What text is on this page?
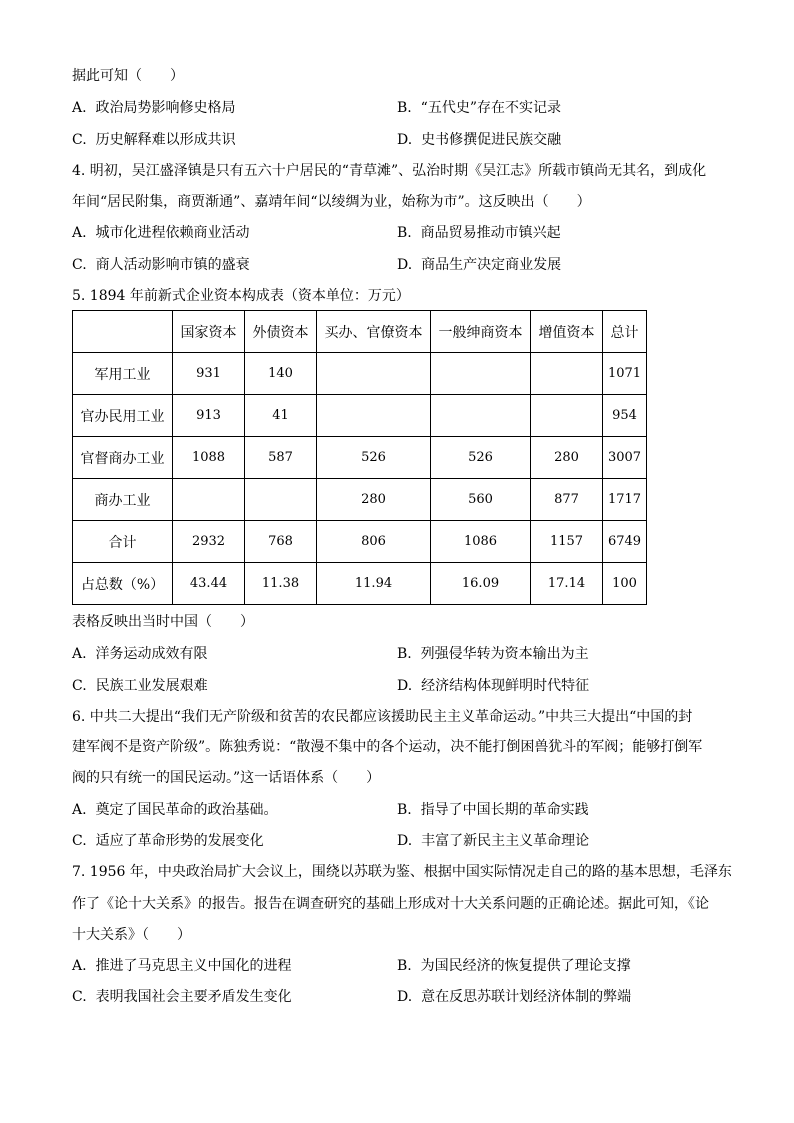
据此可知（　　）
A. 政治局势影响修史格局	B. “五代史”存在不实记录
C. 历史解释难以形成共识	D. 史书修撰促进民族交融
4. 明初，吴江盛泽镇是只有五六十户居民的“青草滩”、弘治时期《吴江志》所载市镇尚无其名，到成化
年间“居民附集，商贾渐通”、嘉靖年间“以绫绸为业，始称为市”。这反映出（　　）
A. 城市化进程依赖商业活动	B. 商品贸易推动市镇兴起
C. 商人活动影响市镇的盛衰	D. 商品生产决定商业发展
5. 1894 年前新式企业资本构成表（资本单位：万元）
	国家资本	外债资本	买办、官僚资本	一般绅商资本	增值资本	总计
军用工业	931	140				1071
官办民用工业	913	41				954
官督商办工业	1088	587	526	526	280	3007
商办工业			280	560	877	1717
合计	2932	768	806	1086	1157	6749
占总数（%）	43.44	11.38	11.94	16.09	17.14	100
表格反映出当时中国（　　）
A. 洋务运动成效有限	B. 列强侵华转为资本输出为主
C. 民族工业发展艰难	D. 经济结构体现鲜明时代特征
6. 中共二大提出“我们无产阶级和贫苦的农民都应该援助民主主义革命运动。”中共三大提出“中国的封
建军阀不是资产阶级”。陈独秀说：“散漫不集中的各个运动，决不能打倒困兽犹斗的军阀；能够打倒军
阀的只有统一的国民运动。”这一话语体系（　　）
A. 奠定了国民革命的政治基础。	B. 指导了中国长期的革命实践
C. 适应了革命形势的发展变化	D. 丰富了新民主主义革命理论
7. 1956 年，中央政治局扩大会议上，围绕以苏联为鉴、根据中国实际情况走自己的路的基本思想，毛泽东
作了《论十大关系》的报告。报告在调查研究的基础上形成对十大关系问题的正确论述。据此可知，《论
十大关系》（　　）
A. 推进了马克思主义中国化的进程	B. 为国民经济的恢复提供了理论支撑
C. 表明我国社会主要矛盾发生变化	D. 意在反思苏联计划经济体制的弊端
